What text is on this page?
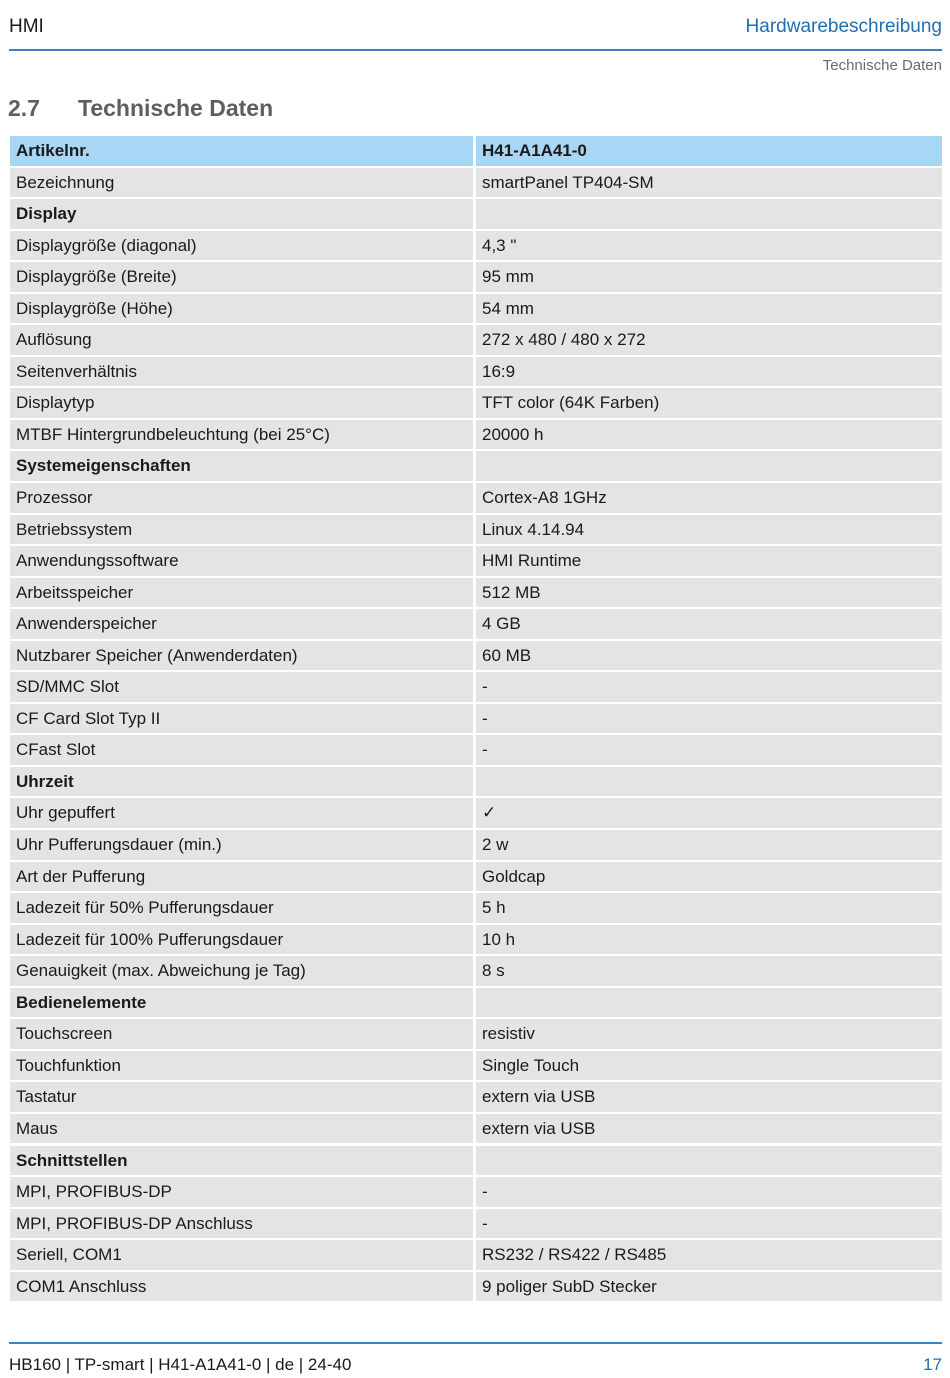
HMI	Hardwarebeschreibung
Technische Daten
2.7 Technische Daten
Artikelnr.	H41-A1A41-0
Bezeichnung	smartPanel TP404-SM
Display
Displaygröße (diagonal)	4,3 "
Displaygröße (Breite)	95 mm
Displaygröße (Höhe)	54 mm
Auflösung	272 x 480 / 480 x 272
Seitenverhältnis	16:9
Displaytyp	TFT color (64K Farben)
MTBF Hintergrundbeleuchtung (bei 25°C)	20000 h
Systemeigenschaften
Prozessor	Cortex-A8 1GHz
Betriebssystem	Linux 4.14.94
Anwendungssoftware	HMI Runtime
Arbeitsspeicher	512 MB
Anwenderspeicher	4 GB
Nutzbarer Speicher (Anwenderdaten)	60 MB
SD/MMC Slot	-
CF Card Slot Typ II	-
CFast Slot	-
Uhrzeit
Uhr gepuffert	✓
Uhr Pufferungsdauer (min.)	2 w
Art der Pufferung	Goldcap
Ladezeit für 50% Pufferungsdauer	5 h
Ladezeit für 100% Pufferungsdauer	10 h
Genauigkeit (max. Abweichung je Tag)	8 s
Bedienelemente
Touchscreen	resistiv
Touchfunktion	Single Touch
Tastatur	extern via USB
Maus	extern via USB
Schnittstellen
MPI, PROFIBUS-DP	-
MPI, PROFIBUS-DP Anschluss	-
Seriell, COM1	RS232 / RS422 / RS485
COM1 Anschluss	9 poliger SubD Stecker
HB160 | TP-smart | H41-A1A41-0 | de | 24-40	17
